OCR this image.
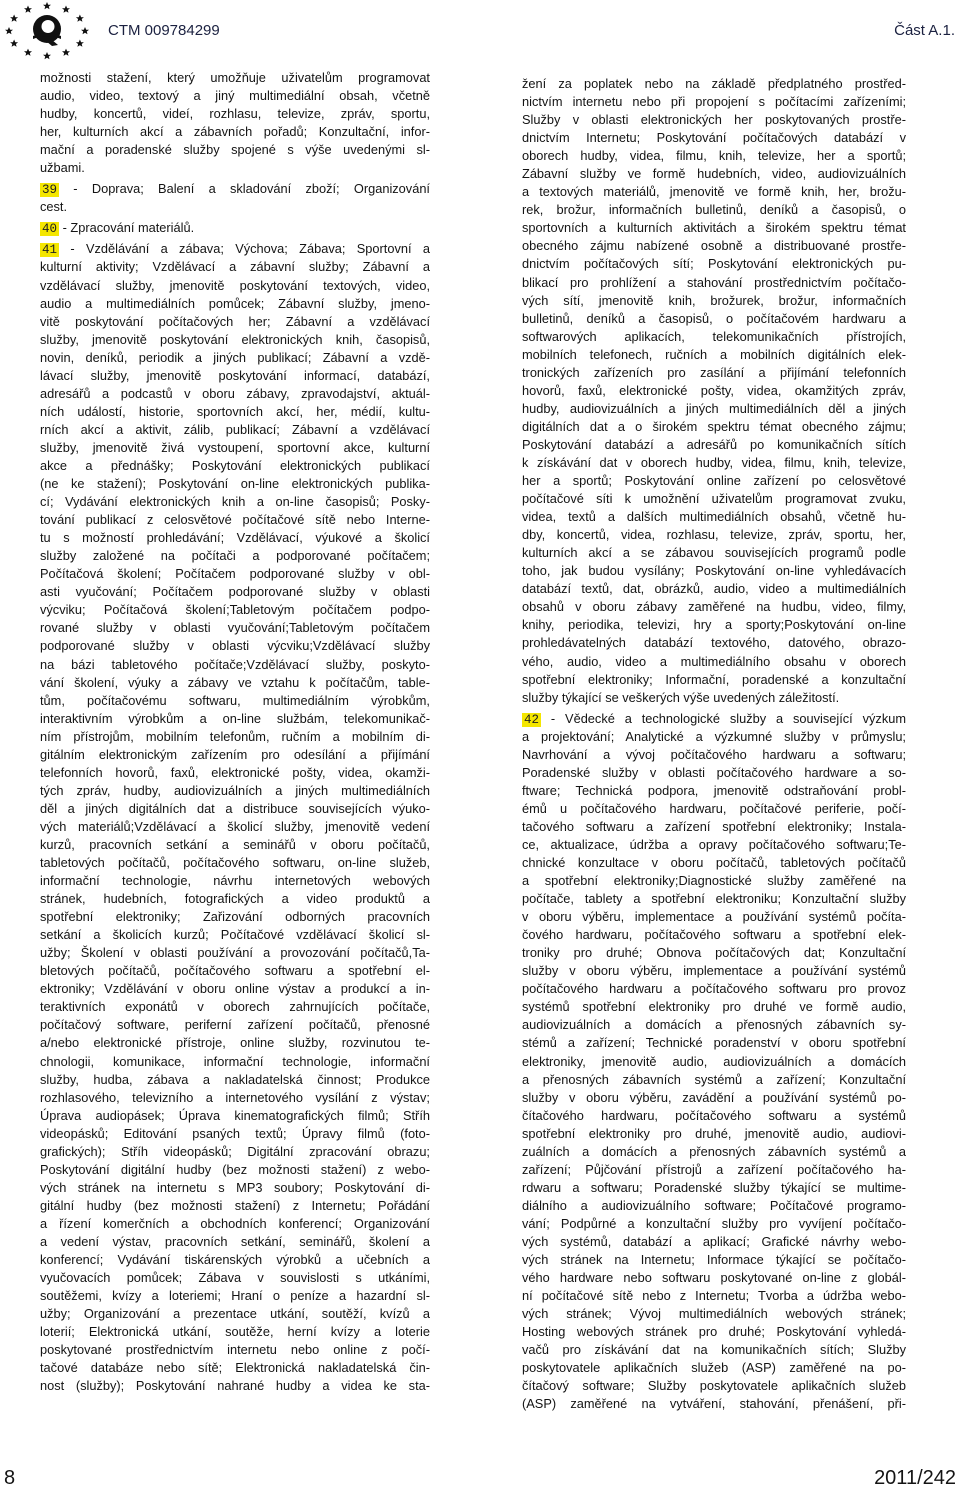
CTM 009784299	Část A.1.
možnosti stažení, který umožňuje uživatelům programovat
audio, video, textový a jiný multimediální obsah, včetně
hudby, koncertů, videí, rozhlasu, televize, zpráv, sportu,
her, kulturních akcí a zábavních pořadů; Konzultační, infor-
mační a poradenské služby spojené s výše uvedenými sl-
užbami.
39 - Doprava; Balení a skladování zboží; Organizování
cest.
40 - Zpracování materiálů.
41 - Vzdělávání a zábava; Výchova; Zábava; Sportovní a
kulturní aktivity; Vzdělávací a zábavní služby; Zábavní a
vzdělávací služby, jmenovitě poskytování textových, video,
audio a multimediálních pomůcek; Zábavní služby, jmeno-
vitě poskytování počítačových her; Zábavní a vzdělávací
služby, jmenovitě poskytování elektronických knih, časopisů,
novin, deníků, periodik a jiných publikací; Zábavní a vzdě-
lávací služby, jmenovitě poskytování informací, databází,
adresářů a podcastů v oboru zábavy, zpravodajství, aktuál-
ních událostí, historie, sportovních akcí, her, médií, kultu-
rních akcí a aktivit, zálib, publikací; Zábavní a vzdělávací
služby, jmenovitě živá vystoupení, sportovní akce, kulturní
akce a přednášky; Poskytování elektronických publikací
(ne ke stažení); Poskytování on-line elektronických publika-
cí; Vydávání elektronických knih a on-line časopisů; Posky-
tování publikací z celosvětové počítačové sítě nebo Interne-
tu s možností prohledávání; Vzdělávací, výukové a školicí
služby založené na počítači a podporované počítačem;
Počítačová školení; Počítačem podporované služby v obl-
asti vyučování; Počítačem podporované služby v oblasti
výcviku; Počítačová školení;Tabletovým počítačem podpo-
rované služby v oblasti vyučování;Tabletovým počítačem
podporované služby v oblasti výcviku;Vzdělávací služby
na bázi tabletového počítače;Vzdělávací služby, poskyto-
vání školení, výuky a zábavy ve vztahu k počítačům, table-
tům, počítačovému softwaru, multimediálním výrobkům,
interaktivním výrobkům a on-line službám, telekomunikač-
ním přístrojům, mobilním telefonům, ručním a mobilním di-
gitálním elektronickým zařízením pro odesílání a přijímání
telefonních hovorů, faxů, elektronické pošty, videa, okamži-
tých zpráv, hudby, audiovizuálních a jiných multimediálních
děl a jiných digitálních dat a distribuce souvisejících výuko-
vých materiálů;Vzdělávací a školicí služby, jmenovitě vedení
kurzů, pracovních setkání a seminářů v oboru počítačů,
tabletových počítačů, počítačového softwaru, on-line služeb,
informační technologie, návrhu internetových webových
stránek, hudebních, fotografických a video produktů a
spotřební elektroniky; Zařizování odborných pracovních
setkání a školicích kurzů; Počítačové vzdělávací školicí sl-
užby; Školení v oblasti používání a provozování počítačů,Ta-
bletových počítačů, počítačového softwaru a spotřební el-
ektroniky; Vzdělávání v oboru online výstav a produkcí a in-
teraktivních exponátů v oborech zahrnujících počítače,
počítačový software, periferní zařízení počítačů, přenosné
a/nebo elektronické přístroje, online služby, rozvinutou te-
chnologii, komunikace, informační technologie, informační
služby, hudba, zábava a nakladatelská činnost; Produkce
rozhlasového, televizního a internetového vysílání z výstav;
Úprava audiopásek; Úprava kinematografických filmů; Stříh
videopásků; Editování psaných textů; Úpravy filmů (foto-
grafických); Stříh videopásků; Digitální zpracování obrazu;
Poskytování digitální hudby (bez možnosti stažení) z webo-
vých stránek na internetu s MP3 soubory; Poskytování di-
gitální hudby (bez možnosti stažení) z Internetu; Pořádání
a řízení komerčních a obchodních konferencí; Organizování
a vedení výstav, pracovních setkání, seminářů, školení a
konferencí; Vydávání tiskárenských výrobků a učebních a
vyučovacích pomůcek; Zábava v souvislosti s utkáními,
soutěžemi, kvízy a loteriemi; Hraní o peníze a hazardní sl-
užby; Organizování a prezentace utkání, soutěží, kvízů a
loterií; Elektronická utkání, soutěže, herní kvízy a loterie
poskytované prostřednictvím internetu nebo online z počí-
tačové databáze nebo sítě; Elektronická nakladatelská čin-
nost (služby); Poskytování nahrané hudby a videa ke sta-
žení za poplatek nebo na základě předplatného prostřed-
nictvím internetu nebo při propojení s počítacími zařízeními;
Služby v oblasti elektronických her poskytovaných prostře-
dnictvím Internetu; Poskytování počítačových databází v
oborech hudby, videa, filmu, knih, televize, her a sportů;
Zábavní služby ve formě hudebních, video, audiovizuálních
a textových materiálů, jmenovitě ve formě knih, her, brožu-
rek, brožur, informačních bulletinů, deníků a časopisů, o
sportovních a kulturních aktivitách a širokém spektru témat
obecného zájmu nabízené osobně a distribuované prostře-
dnictvím počítačových sítí; Poskytování elektronických pu-
blikací pro prohlížení a stahování prostřednictvím počítačo-
vých sítí, jmenovitě knih, brožurek, brožur, informačních
bulletinů, deníků a časopisů, o počítačovém hardwaru a
softwarových aplikacích, telekomunikačních přístrojích,
mobilních telefonech, ručních a mobilních digitálních elek-
tronických zařízeních pro zasílání a přijímání telefonních
hovorů, faxů, elektronické pošty, videa, okamžitých zpráv,
hudby, audiovizuálních a jiných multimediálních děl a jiných
digitálních dat a o širokém spektru témat obecného zájmu;
Poskytování databází a adresářů po komunikačních sítích
k získávání dat v oborech hudby, videa, filmu, knih, televize,
her a sportů; Poskytování online zařízení po celosvětové
počítačové síti k umožnění uživatelům programovat zvuku,
videa, textů a dalších multimediálních obsahů, včetně hu-
dby, koncertů, videa, rozhlasu, televize, zpráv, sportu, her,
kulturních akcí a se zábavou souvisejících programů podle
toho, jak budou vysílány; Poskytování on-line vyhledávacích
databází textů, dat, obrázků, audio, video a multimediálních
obsahů v oboru zábavy zaměřené na hudbu, video, filmy,
knihy, periodika, televizi, hry a sporty;Poskytování on-line
prohledávatelných databází textového, datového, obrazo-
vého, audio, video a multimediálního obsahu v oborech
spotřební elektroniky; Informační, poradenské a konzultační
služby týkající se veškerých výše uvedených záležitostí.
42 - Vědecké a technologické služby a související výzkum
a projektování; Analytické a výzkumné služby v průmyslu;
Navrhování a vývoj počítačového hardwaru a softwaru;
Poradenské služby v oblasti počítačového hardware a so-
ftware; Technická podpora, jmenovitě odstraňování probl-
émů u počítačového hardwaru, počítačové periferie, počí-
tačového softwaru a zařízení spotřební elektroniky; Instala-
ce, aktualizace, údržba a opravy počítačového softwaru;Te-
chnické konzultace v oboru počítačů, tabletových počítačů
a spotřební elektroniky;Diagnostické služby zaměřené na
počítače, tablety a spotřební elektroniku; Konzultační služby
v oboru výběru, implementace a používání systémů počíta-
čového hardwaru, počítačového softwaru a spotřební elek-
troniky pro druhé; Obnova počítačových dat; Konzultační
služby v oboru výběru, implementace a používání systémů
počítačového hardwaru a počítačového softwaru pro provoz
systémů spotřební elektroniky pro druhé ve formě audio,
audiovizuálních a domácích a přenosných zábavních sy-
stémů a zařízení; Technické poradenství v oboru spotřební
elektroniky, jmenovitě audio, audiovizuálních a domácích
a přenosných zábavních systémů a zařízení; Konzultační
služby v oboru výběru, zavádění a používání systémů po-
čítačového hardwaru, počítačového softwaru a systémů
spotřební elektroniky pro druhé, jmenovitě audio, audiovi-
zuálních a domácích a přenosných zábavních systémů a
zařízení; Půjčování přístrojů a zařízení počítačového ha-
rdwaru a softwaru; Poradenské služby týkající se multime-
diálního a audiovizuálního software; Počítačové programo-
vání; Podpůrné a konzultační služby pro vyvíjení počítačo-
vých systémů, databází a aplikací; Grafické návrhy webo-
vých stránek na Internetu; Informace týkající se počítačo-
vého hardware nebo softwaru poskytované on-line z globál-
ní počítačové sítě nebo z Internetu; Tvorba a údržba webo-
vých stránek; Vývoj multimediálních webových stránek;
Hosting webových stránek pro druhé; Poskytování vyhledá-
vačů pro získávání dat na komunikačních sítích; Služby
poskytovatele aplikačních služeb (ASP) zaměřené na po-
čítačový software; Služby poskytovatele aplikačních služeb
(ASP) zaměřené na vytváření, stahování, přenášení, při-
8	2011/242
